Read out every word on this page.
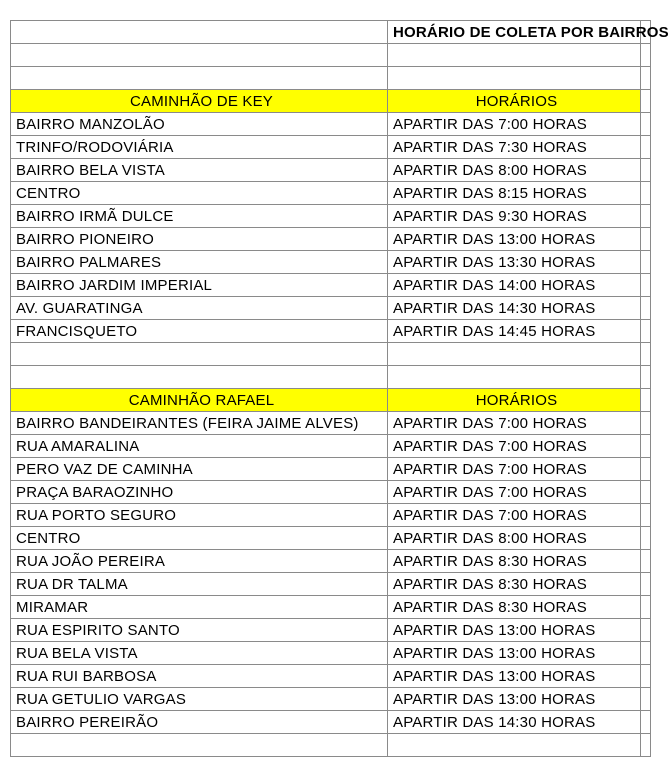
	HORÁRIO DE COLETA POR BAIRROS	

CAMINHÃO DE KEY	HORÁRIOS	
BAIRRO MANZOLÃO	APARTIR DAS 7:00 HORAS	
TRINFO/RODOVIÁRIA	APARTIR DAS 7:30 HORAS	
BAIRRO BELA VISTA	APARTIR DAS 8:00 HORAS	
CENTRO	APARTIR DAS 8:15 HORAS	
BAIRRO IRMÃ DULCE	APARTIR DAS 9:30 HORAS	
BAIRRO PIONEIRO	APARTIR DAS 13:00 HORAS	
BAIRRO PALMARES	APARTIR DAS 13:30 HORAS	
BAIRRO JARDIM IMPERIAL	APARTIR DAS 14:00 HORAS	
AV. GUARATINGA	APARTIR DAS 14:30 HORAS	
FRANCISQUETO	APARTIR DAS 14:45 HORAS	

CAMINHÃO RAFAEL	HORÁRIOS	
BAIRRO BANDEIRANTES (FEIRA JAIME ALVES)	APARTIR DAS 7:00 HORAS	
RUA AMARALINA	APARTIR DAS 7:00 HORAS	
PERO VAZ DE CAMINHA	APARTIR DAS 7:00 HORAS	
PRAÇA BARAOZINHO	APARTIR DAS 7:00 HORAS	
RUA PORTO SEGURO	APARTIR DAS 7:00 HORAS	
CENTRO	APARTIR DAS 8:00 HORAS	
RUA JOÃO PEREIRA	APARTIR DAS 8:30 HORAS	
RUA DR TALMA	APARTIR DAS 8:30 HORAS	
MIRAMAR	APARTIR DAS 8:30 HORAS	
RUA ESPIRITO SANTO	APARTIR DAS 13:00 HORAS	
RUA BELA VISTA	APARTIR DAS 13:00 HORAS	
RUA RUI BARBOSA	APARTIR DAS 13:00 HORAS	
RUA GETULIO VARGAS	APARTIR DAS 13:00 HORAS	
BAIRRO PEREIRÃO	APARTIR DAS 14:30 HORAS	
